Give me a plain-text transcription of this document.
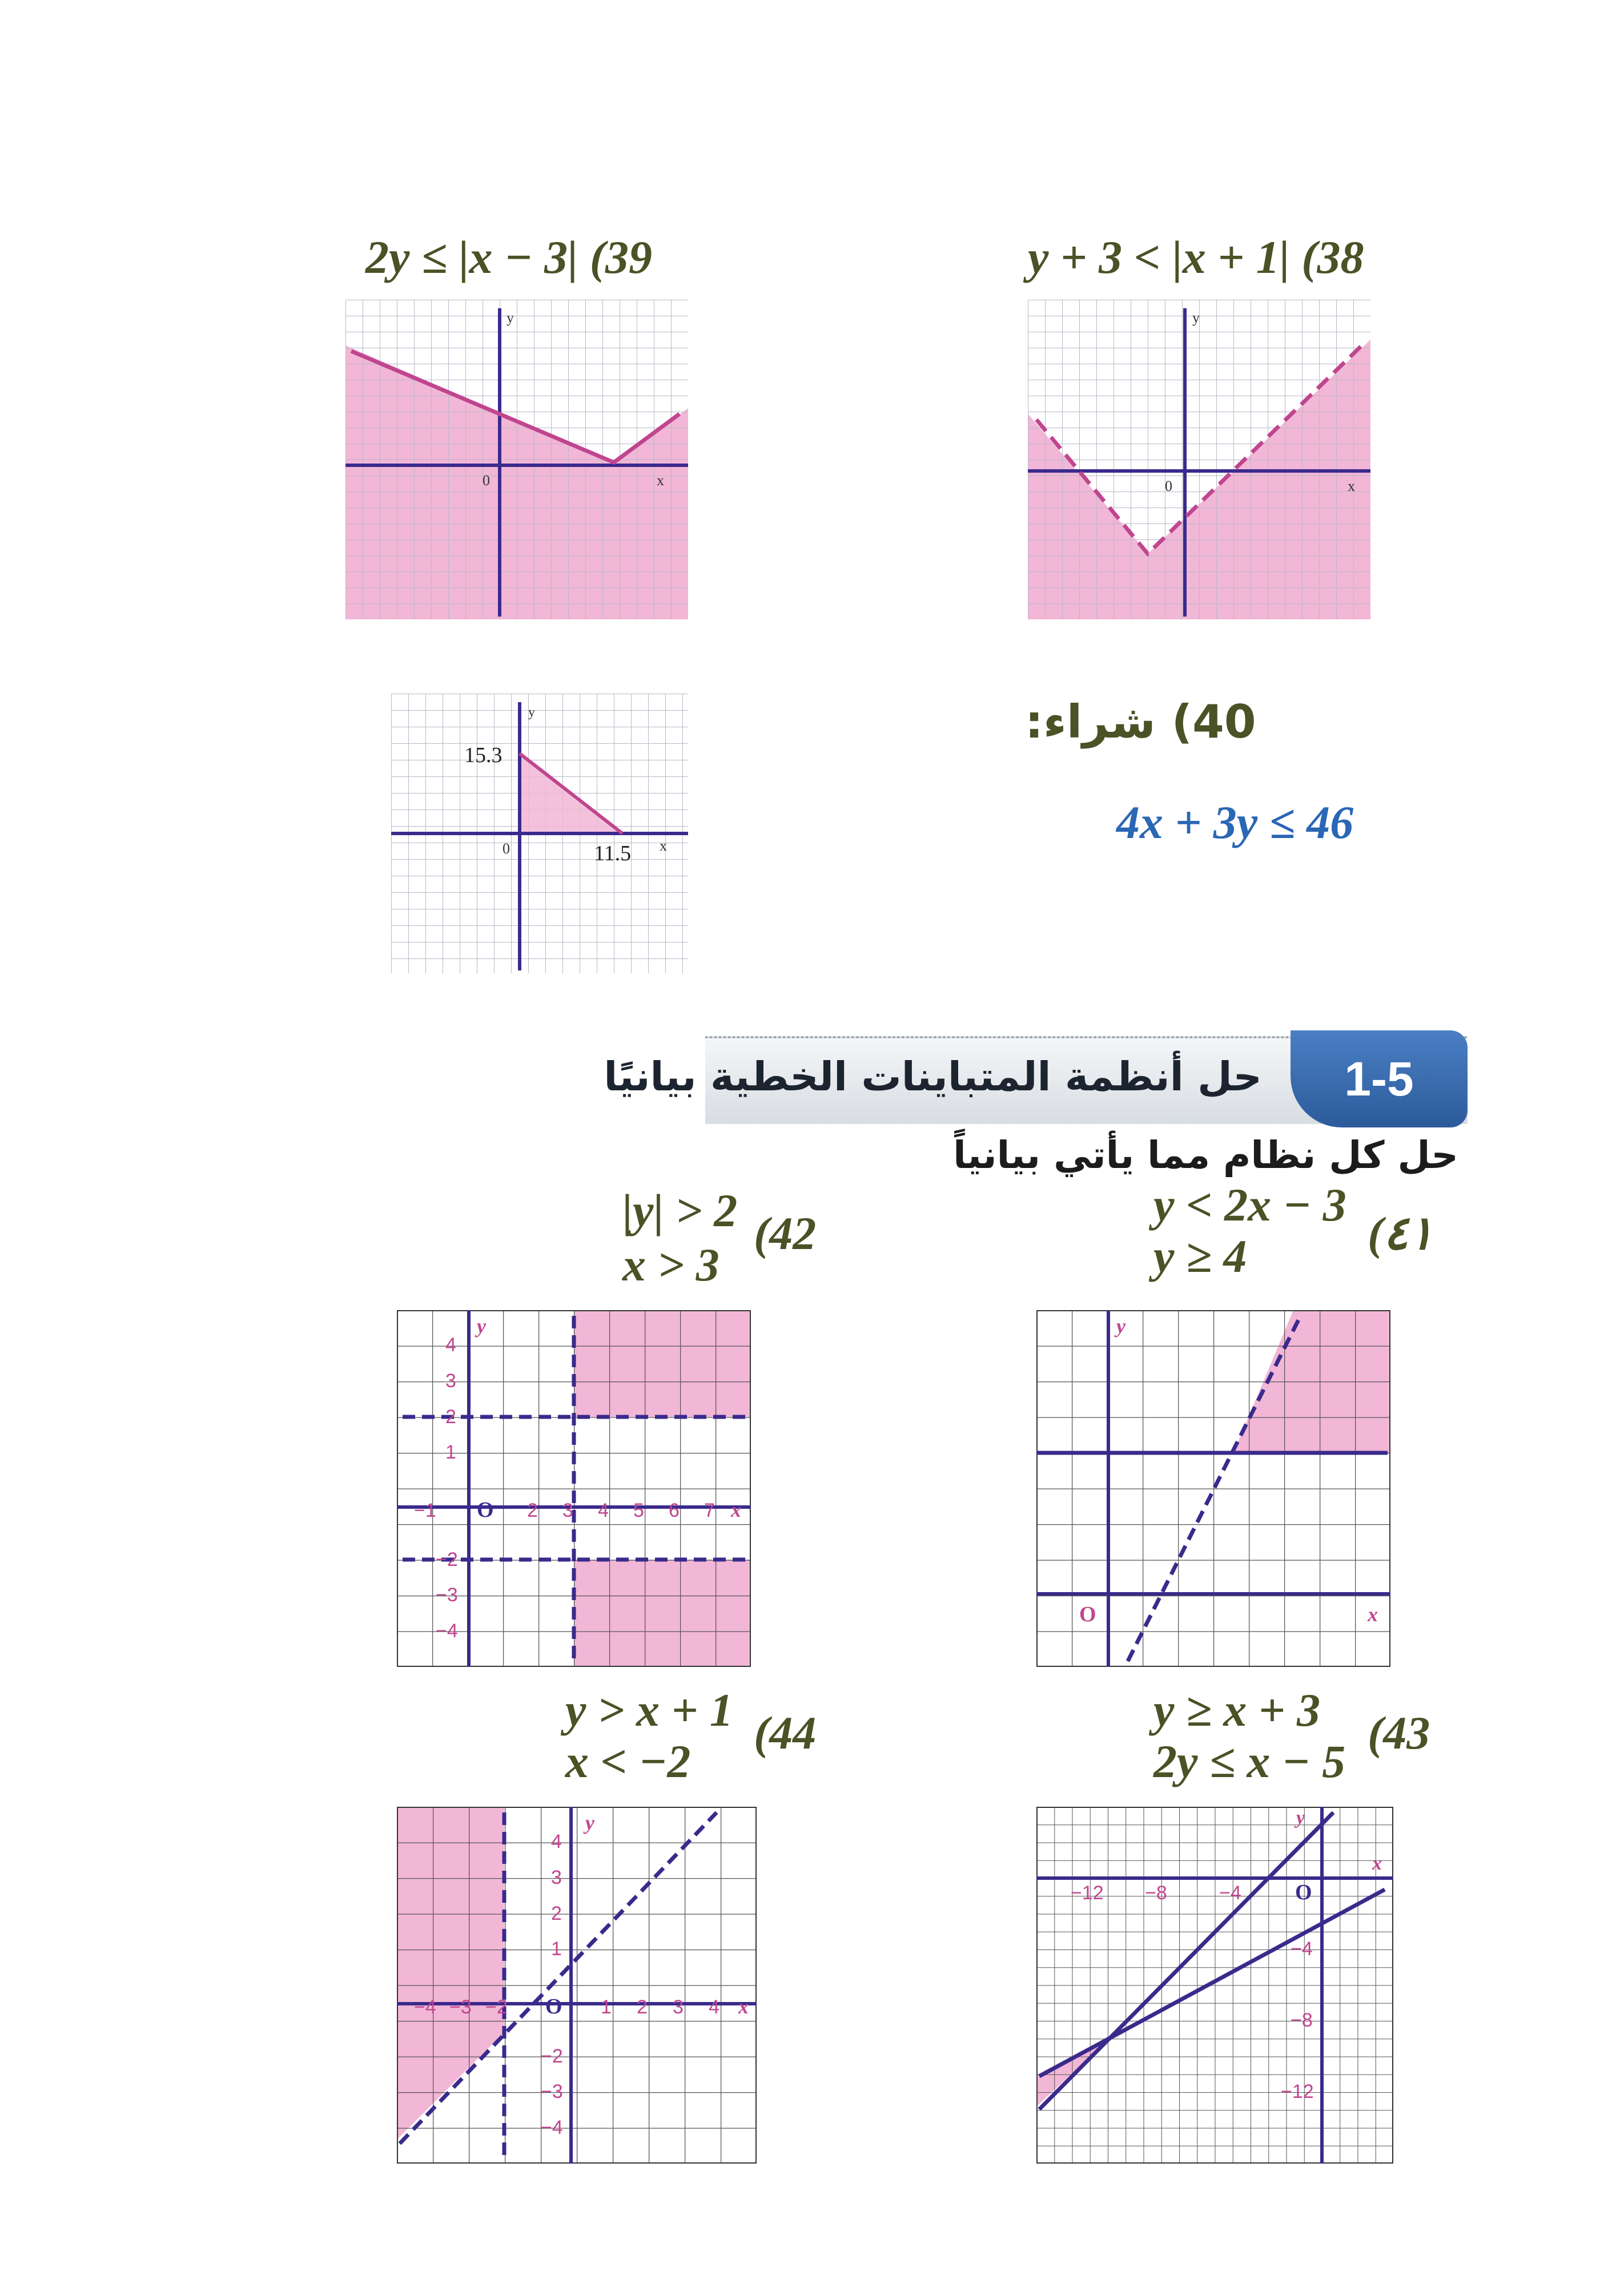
y + 3 < |x + 1| (38
2y ≤ |x − 3| (39
y
0	x
y
0	x
y
0	x
15.3
11.5
40) شراء:
4x + 3y ≤ 46
حل أنظمة المتباينات الخطية بيانيًا	1-5
حل كل نظام مما يأتي بيانياً
|y| > 2
x > 3
(42
y < 2x − 3
y ≥ 4	(٤١
y
O	x
−1	2 3 4 5 6 7
4
3
2
1
−2
−3
−4
y
O	x
y > x + 1
x < −2
(44	y ≥ x + 3
2y ≤ x − 5
(43
y
O	x
−4 −3 −2	1 2 3 4
4
3
2
1
−2
−3
−4
y
O
x
−12 −8	−4
−4
−8
−12
